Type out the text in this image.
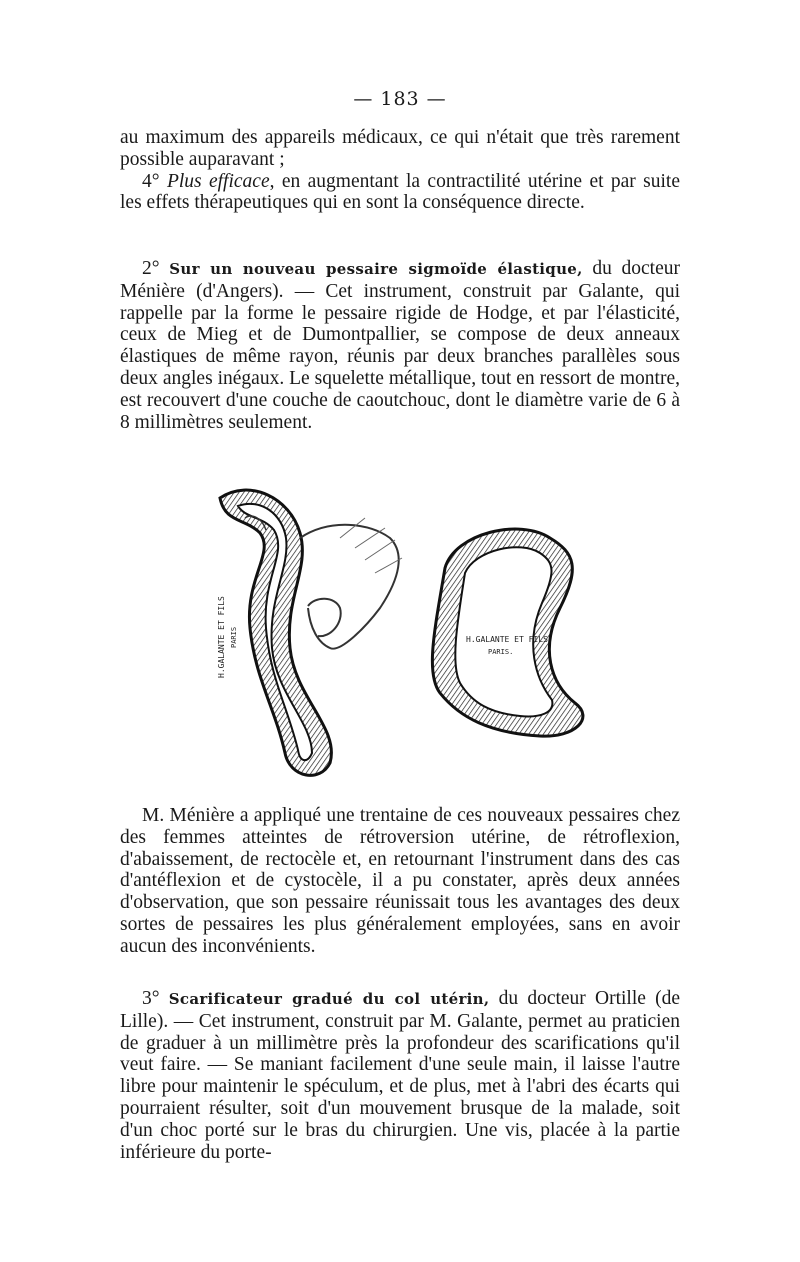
— 183 —

au maximum des appareils médicaux, ce qui n'était que très rarement possible auparavant ;

4° Plus efficace, en augmentant la contractilité utérine et par suite les effets thérapeutiques qui en sont la conséquence directe.

2° Sur un nouveau pessaire sigmoïde élastique, du docteur Ménière (d'Angers). — Cet instrument, construit par Galante, qui rappelle par la forme le pessaire rigide de Hodge, et par l'élasticité, ceux de Mieg et de Dumontpallier, se compose de deux anneaux élastiques de même rayon, réunis par deux branches parallèles sous deux angles inégaux. Le squelette métallique, tout en ressort de montre, est recouvert d'une couche de caoutchouc, dont le diamètre varie de 6 à 8 millimètres seulement.

H.GALANTE ET FILS PARIS	H.GALANTE ET FILS
PARIS.

M. Ménière a appliqué une trentaine de ces nouveaux pessaires chez des femmes atteintes de rétroversion utérine, de rétroflexion, d'abaissement, de rectocèle et, en retournant l'instrument dans des cas d'antéflexion et de cystocèle, il a pu constater, après deux années d'observation, que son pessaire réunissait tous les avantages des deux sortes de pessaires les plus généralement employées, sans en avoir aucun des inconvénients.

3° Scarificateur gradué du col utérin, du docteur Ortille (de Lille). — Cet instrument, construit par M. Galante, permet au praticien de graduer à un millimètre près la profondeur des scarifications qu'il veut faire. — Se maniant facilement d'une seule main, il laisse l'autre libre pour maintenir le spéculum, et de plus, met à l'abri des écarts qui pourraient résulter, soit d'un mouvement brusque de la malade, soit d'un choc porté sur le bras du chirurgien. Une vis, placée à la partie inférieure du porte-
